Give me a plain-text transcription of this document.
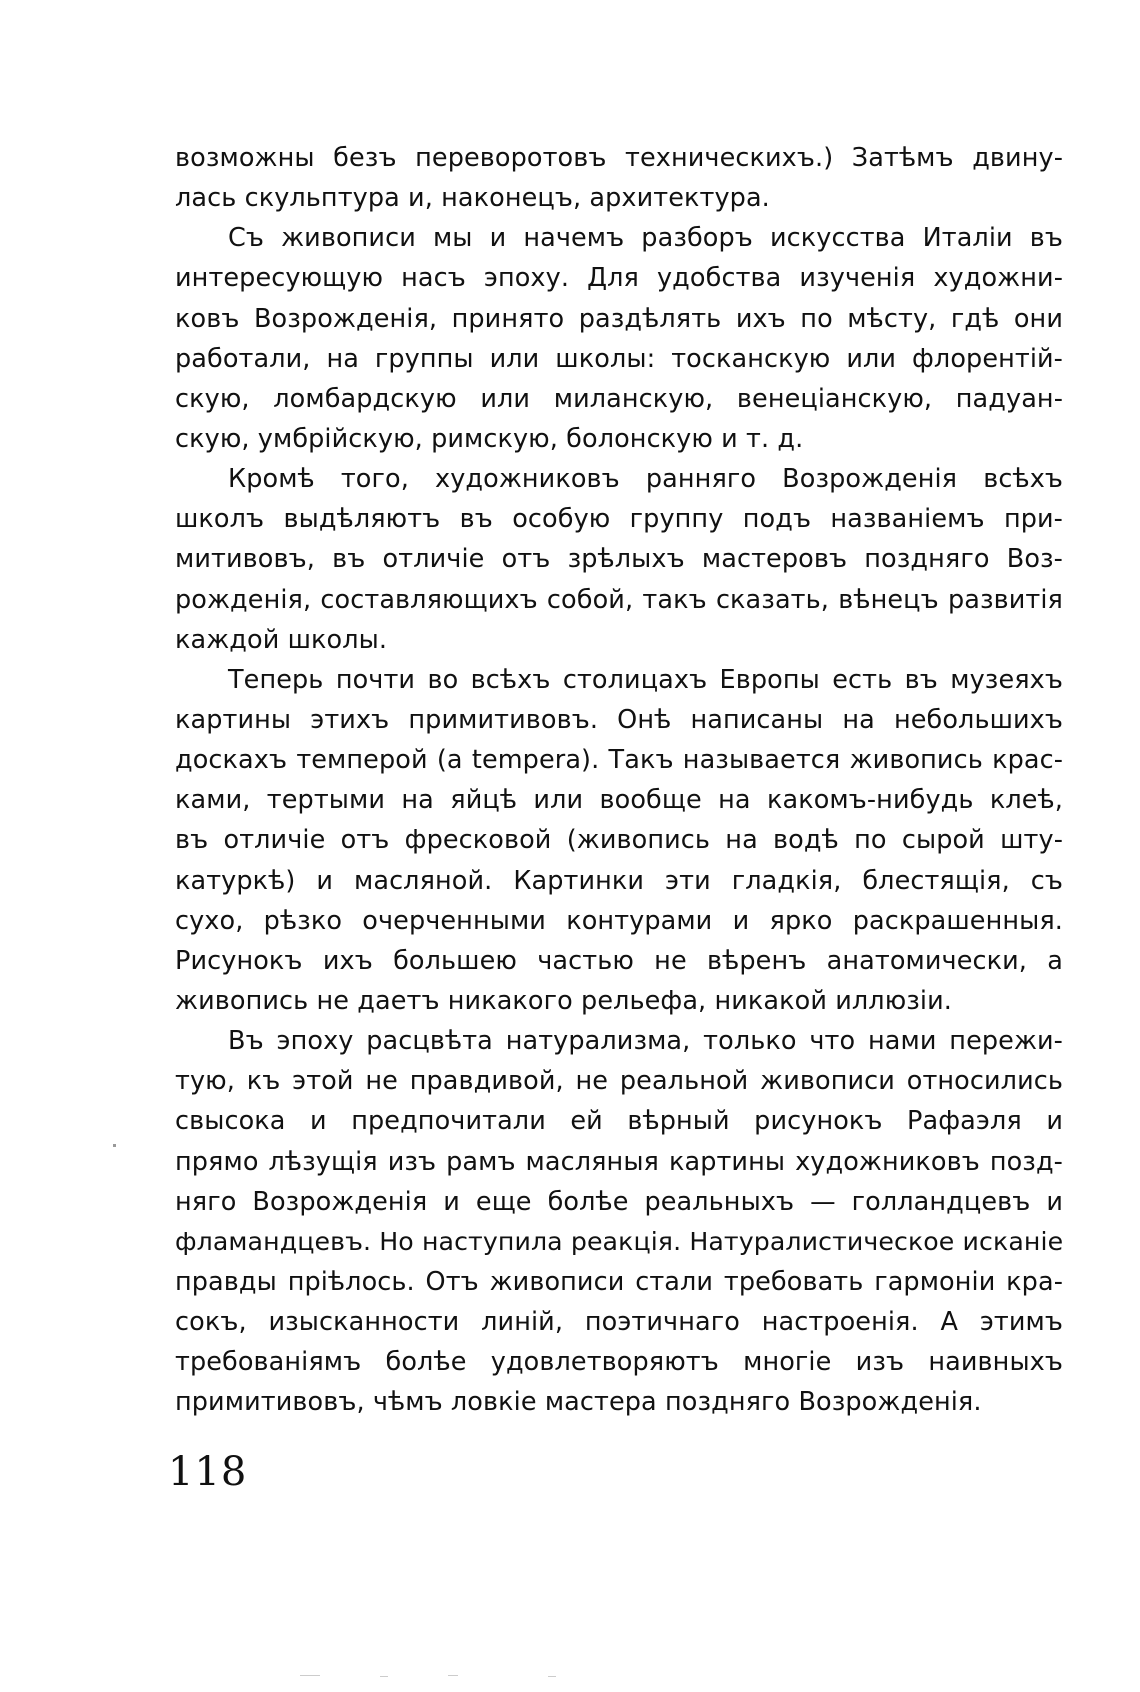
возможны безъ переворотовъ техническихъ.) Затѣмъ двину-
лась скульптура и, наконецъ, архитектура.
Съ живописи мы и начемъ разборъ искусства Италіи въ
интересующую насъ эпоху. Для удобства изученія художни-
ковъ Возрожденія, принято раздѣлять ихъ по мѣсту, гдѣ они
работали, на группы или школы: тосканскую или флорентій-
скую, ломбардскую или миланскую, венеціанскую, падуан-
скую, умбрійскую, римскую, болонскую и т. д.
Кромѣ того, художниковъ ранняго Возрожденія всѣхъ
школъ выдѣляютъ въ особую группу подъ названіемъ при-
митивовъ, въ отличіе отъ зрѣлыхъ мастеровъ поздняго Воз-
рожденія, составляющихъ собой, такъ сказать, вѣнецъ развитія
каждой школы.
Теперь почти во всѣхъ столицахъ Европы есть въ музеяхъ
картины этихъ примитивовъ. Онѣ написаны на небольшихъ
доскахъ темперой (a tempera). Такъ называется живопись крас-
ками, тертыми на яйцѣ или вообще на какомъ-нибудь клеѣ,
въ отличіе отъ фресковой (живопись на водѣ по сырой шту-
катуркѣ) и масляной. Картинки эти гладкія, блестящія, съ
сухо, рѣзко очерченными контурами и ярко раскрашенныя.
Рисунокъ ихъ большею частью не вѣренъ анатомически, а
живопись не даетъ никакого рельефа, никакой иллюзіи.
Въ эпоху расцвѣта натурализма, только что нами пережи-
тую, къ этой не правдивой, не реальной живописи относились
свысока и предпочитали ей вѣрный рисунокъ Рафаэля и
прямо лѣзущія изъ рамъ масляныя картины художниковъ позд-
няго Возрожденія и еще болѣе реальныхъ — голландцевъ и
фламандцевъ. Но наступила реакція. Натуралистическое исканіе
правды пріѣлось. Отъ живописи стали требовать гармоніи кра-
сокъ, изысканности линій, поэтичнаго настроенія. А этимъ
требованіямъ болѣе удовлетворяютъ многіе изъ наивныхъ
примитивовъ, чѣмъ ловкіе мастера поздняго Возрожденія.
118
